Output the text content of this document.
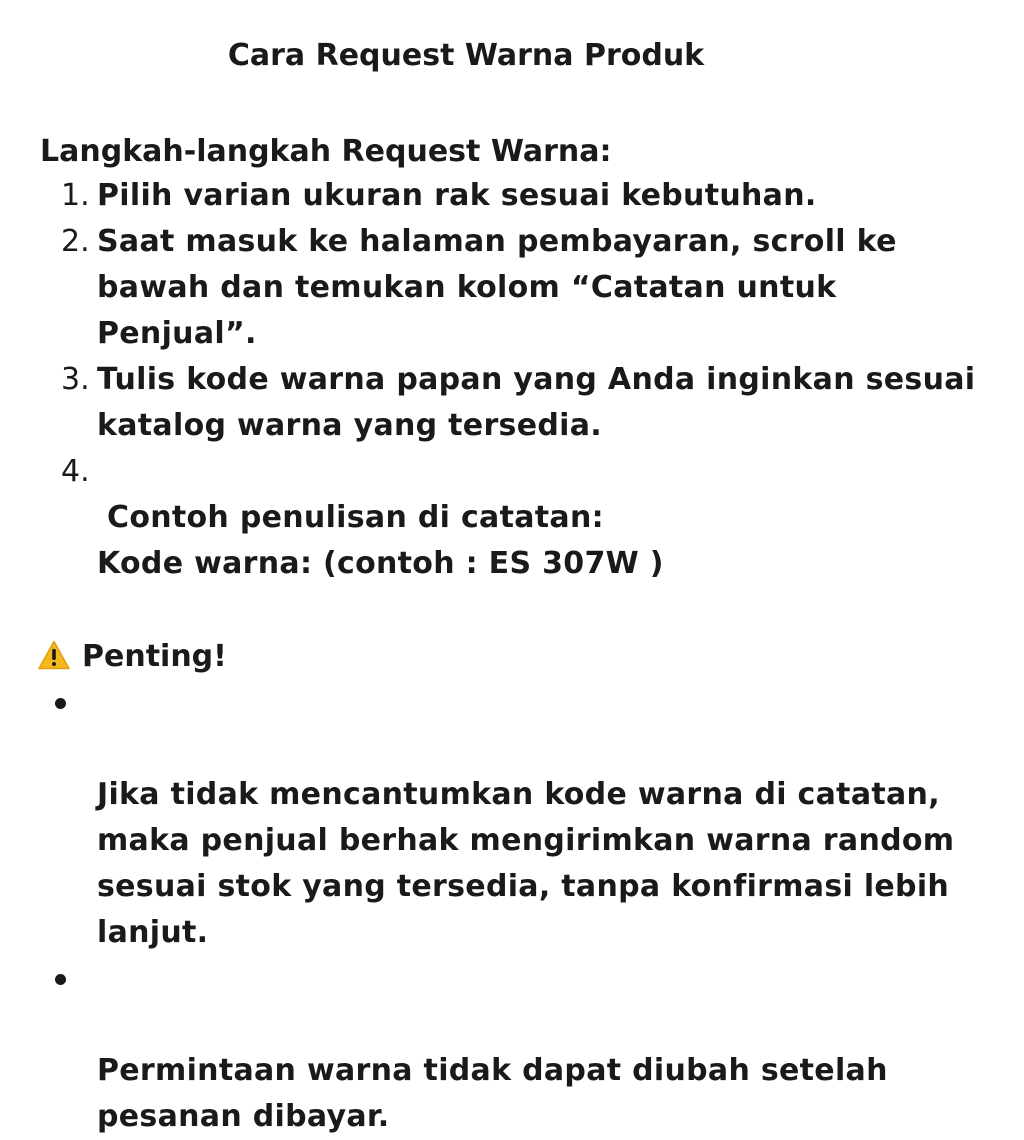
Cara Request Warna Produk
Langkah-langkah Request Warna:
1. Pilih varian ukuran rak sesuai kebutuhan.
2. Saat masuk ke halaman pembayaran, scroll ke
bawah dan temukan kolom “Catatan untuk
Penjual”.
3. Tulis kode warna papan yang Anda inginkan sesuai
katalog warna yang tersedia.
4.

Contoh penulisan di catatan:

Kode warna: (contoh : ES 307W )

Penting!

Jika tidak mencantumkan kode warna di catatan,
maka penjual berhak mengirimkan warna random
sesuai stok yang tersedia, tanpa konfirmasi lebih
lanjut.

Permintaan warna tidak dapat diubah setelah
pesanan dibayar.
